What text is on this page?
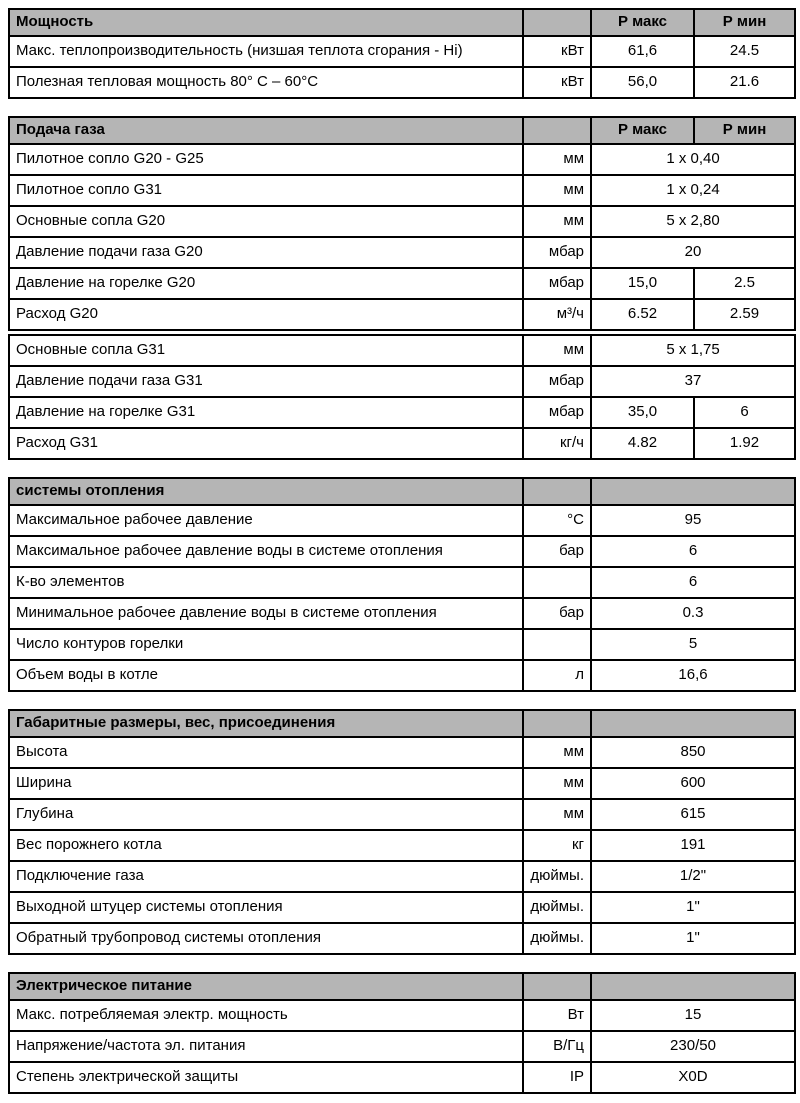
Мощность		Р макс	Р мин
Макс. теплопроизводительность (низшая теплота сгорания - Hi)	кВт	61,6	24.5
Полезная тепловая мощность 80° С – 60°С	кВт	56,0	21.6
Подача газа		Р макс	Р мин
Пилотное сопло G20 - G25	мм	1 x 0,40	
Пилотное сопло G31	мм	1 x 0,24	
Основные сопла G20	мм	5 x 2,80	
Давление подачи газа G20	мбар	20	
Давление на горелке G20	мбар	15,0	2.5
Расход G20	м³/ч	6.52	2.59
Основные сопла G31	мм	5 x 1,75	
Давление подачи газа G31	мбар	37	
Давление на горелке G31	мбар	35,0	6
Расход G31	кг/ч	4.82	1.92
системы отопления		
Максимальное рабочее давление	°С	95
Максимальное рабочее давление воды в системе отопления	бар	6
К-во элементов		6
Минимальное рабочее давление воды в системе отопления	бар	0.3
Число контуров горелки		5
Объем воды в котле	л	16,6
Габаритные размеры, вес, присоединения		
Высота	мм	850
Ширина	мм	600
Глубина	мм	615
Вес порожнего котла	кг	191
Подключение газа	дюймы.	1/2"
Выходной штуцер системы отопления	дюймы.	1"
Обратный трубопровод системы отопления	дюймы.	1"
Электрическое питание		
Макс. потребляемая электр. мощность	Вт	15
Напряжение/частота эл. питания	В/Гц	230/50
Степень электрической защиты	IP	X0D
